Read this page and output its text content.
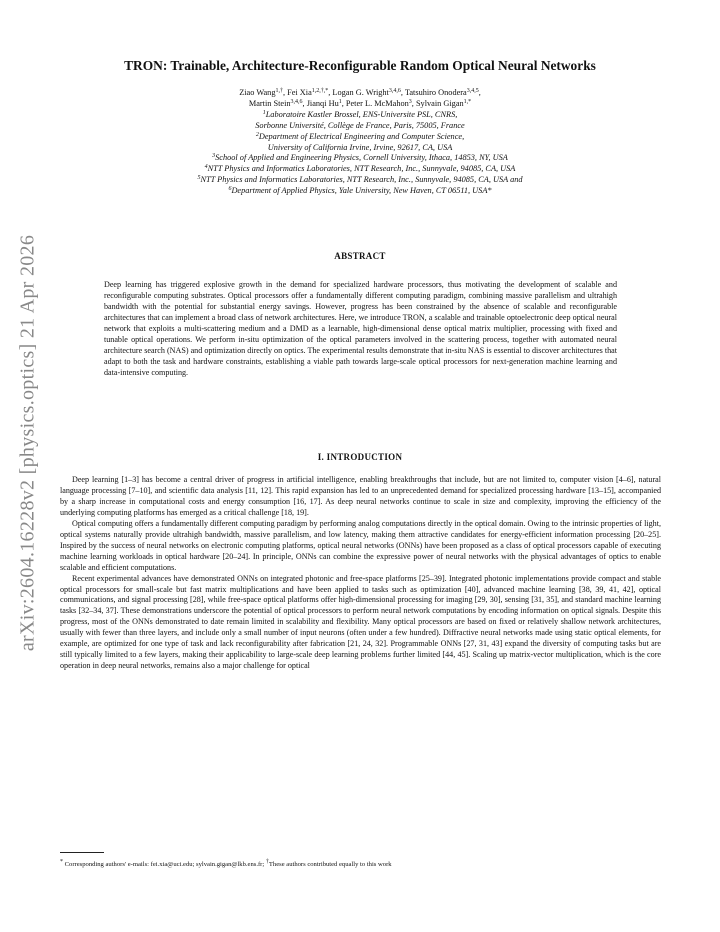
arXiv:2604.16228v2 [physics.optics] 21 Apr 2026
TRON: Trainable, Architecture-Reconfigurable Random Optical Neural Networks
Ziao Wang$^{1,\dagger}$, Fei Xia$^{1,2,\dagger,*}$, Logan G. Wright$^{3,4,6}$, Tatsuhiro Onodera$^{3,4,5}$,
Martin Stein$^{3,4,6}$, Jianqi Hu$^1$, Peter L. McMahon$^3$, Sylvain Gigan$^{1,*}$
$^1$Laboratoire Kastler Brossel, ENS-Universite PSL, CNRS,
Sorbonne Université, Collège de France, Paris, 75005, France
$^2$Department of Electrical Engineering and Computer Science,
University of California Irvine, Irvine, 92617, CA, USA
$^3$School of Applied and Engineering Physics, Cornell University, Ithaca, 14853, NY, USA
$^4$NTT Physics and Informatics Laboratories, NTT Research, Inc., Sunnyvale, 94085, CA, USA
$^5$NTT Physics and Informatics Laboratories, NTT Research, Inc., Sunnyvale, 94085, CA, USA and
$^6$Department of Applied Physics, Yale University, New Haven, CT 06511, USA*
ABSTRACT
Deep learning has triggered explosive growth in the demand for specialized hardware processors, thus motivating the development of scalable and reconfigurable computing substrates. Optical processors offer a fundamentally different computing paradigm, combining massive parallelism and ultrahigh bandwidth with the potential for substantial energy savings. However, progress has been constrained by the absence of scalable and reconfigurable architectures that can implement a broad class of network architectures. Here, we introduce TRON, a scalable and trainable optoelectronic deep optical neural network that exploits a multi-scattering medium and a DMD as a learnable, high-dimensional dense optical matrix multiplier, processing with fixed and tunable optical operations. We perform in-situ optimization of the optical parameters involved in the scattering process, together with automated neural architecture search (NAS) and optimization directly on optics. The experimental results demonstrate that in-situ NAS is essential to discover architectures that adapt to both the task and hardware constraints, establishing a viable path towards large-scale optical processors for next-generation machine learning and data-intensive computing.
I. INTRODUCTION

Deep learning [1–3] has become a central driver of progress in artificial intelligence, enabling breakthroughs that include, but are not limited to, computer vision [4–6], natural language processing [7–10], and scientific data analysis [11, 12]. This rapid expansion has led to an unprecedented demand for specialized processing hardware [13–15], accompanied by a sharp increase in computational costs and energy consumption [16, 17]. As deep neural networks continue to scale in size and complexity, improving the efficiency of the underlying computing platforms has emerged as a critical challenge [18, 19].

Optical computing offers a fundamentally different computing paradigm by performing analog computations directly in the optical domain. Owing to the intrinsic properties of light, optical systems naturally provide ultrahigh bandwidth, massive parallelism, and low latency, making them attractive candidates for energy-efficient information processing [20–25]. Inspired by the success of neural networks on electronic computing platforms, optical neural networks (ONNs) have been proposed as a class of optical processors capable of executing machine learning workloads in optical hardware [20–24]. In principle, ONNs can combine the expressive power of neural networks with the physical advantages of optics to enable scalable and efficient computations.

Recent experimental advances have demonstrated ONNs on integrated photonic and free-space platforms [25–39]. Integrated photonic implementations provide compact and stable optical processors for small-scale but fast matrix multiplications and have been applied to tasks such as optimization [40], advanced machine learning [38, 39, 41, 42], optical communications, and signal processing [28], while free-space optical platforms offer high-dimensional processing for imaging [29, 30], sensing [31, 35], and standard machine learning tasks [32–34, 37]. These demonstrations underscore the potential of optical processors to perform neural network computations by encoding information on optical signals. Despite this progress, most of the ONNs demonstrated to date remain limited in scalability and flexibility. Many optical processors are based on fixed or relatively shallow network architectures, usually with fewer than three layers, and include only a small number of input neurons (often under a few hundred). Diffractive neural networks made using static optical elements, for example, are optimized for one type of task and lack reconfigurability after fabrication [21, 24, 32]. Programmable ONNs [27, 31, 43] expand the diversity of computing tasks but are still typically limited to a few layers, making their applicability to large-scale deep learning problems further limited [44, 45]. Scaling up matrix-vector multiplication, which is the core operation in deep neural networks, remains also a major challenge for optical

* Corresponding authors' e-mails: fei.xia@uci.edu; sylvain.gigan@lkb.ens.fr; †These authors contributed equally to this work
